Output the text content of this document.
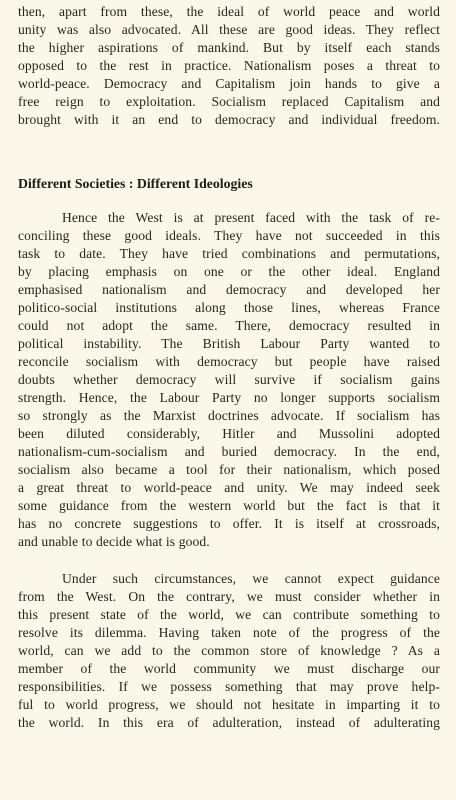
then, apart from these, the ideal of world peace and world
unity was also advocated. All these are good ideas. They reflect
the higher aspirations of mankind. But by itself each stands
opposed to the rest in practice. Nationalism poses a threat to
world-peace. Democracy and Capitalism join hands to give a
free reign to exploitation. Socialism replaced Capitalism and
brought with it an end to democracy and individual freedom.
Different Societies : Different Ideologies
Hence the West is at present faced with the task of re-
conciling these good ideals. They have not succeeded in this
task to date. They have tried combinations and permutations,
by placing emphasis on one or the other ideal. England
emphasised nationalism and democracy and developed her
politico-social institutions along those lines, whereas France
could not adopt the same. There, democracy resulted in
political instability. The British Labour Party wanted to
reconcile socialism with democracy but people have raised
doubts whether democracy will survive if socialism gains
strength. Hence, the Labour Party no longer supports socialism
so strongly as the Marxist doctrines advocate. If socialism has
been diluted considerably, Hitler and Mussolini adopted
nationalism-cum-socialism and buried democracy. In the end,
socialism also became a tool for their nationalism, which posed
a great threat to world-peace and unity. We may indeed seek
some guidance from the western world but the fact is that it
has no concrete suggestions to offer. It is itself at crossroads,
and unable to decide what is good.
Under such circumstances, we cannot expect guidance
from the West. On the contrary, we must consider whether in
this present state of the world, we can contribute something to
resolve its dilemma. Having taken note of the progress of the
world, can we add to the common store of knowledge ? As a
member of the world community we must discharge our
responsibilities. If we possess something that may prove help-
ful to world progress, we should not hesitate in imparting it to
the world. In this era of adulteration, instead of adulterating
